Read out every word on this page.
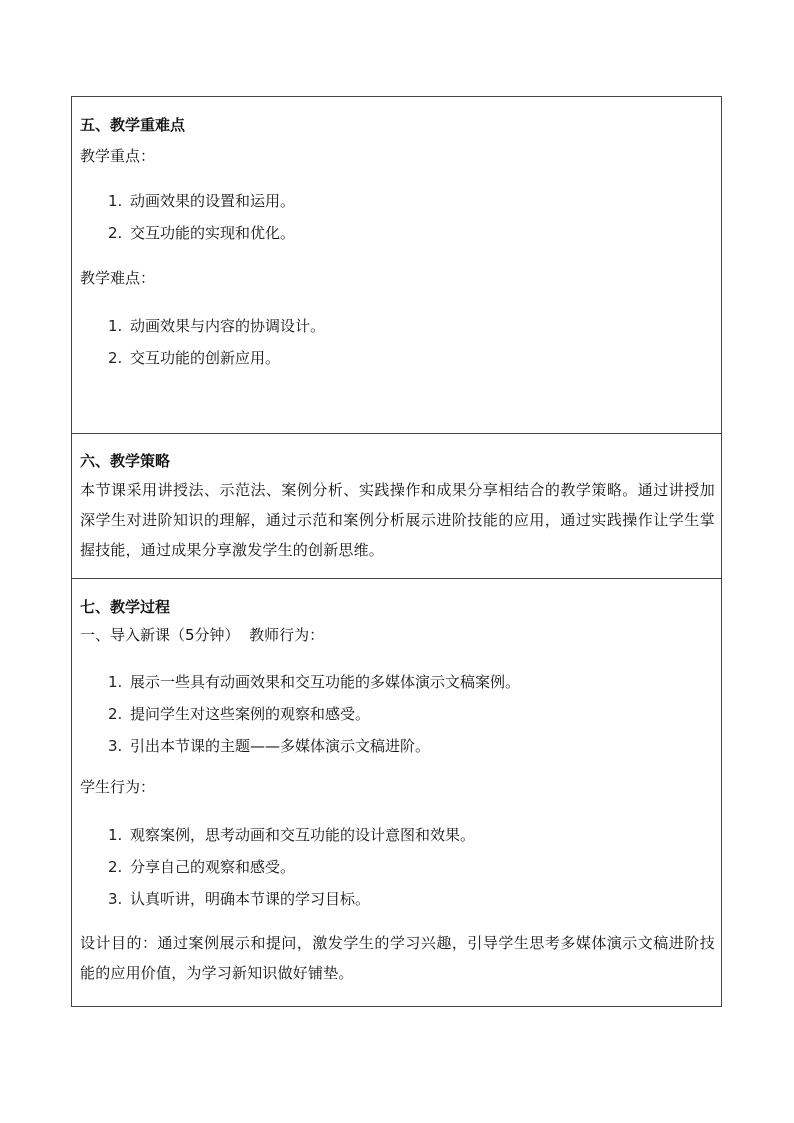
五、教学重难点

教学重点：

1. 动画效果的设置和运用。
2. 交互功能的实现和优化。

教学难点：

1. 动画效果与内容的协调设计。
2. 交互功能的创新应用。

六、教学策略

本节课采用讲授法、示范法、案例分析、实践操作和成果分享相结合的教学策略。通过讲授加深学生对进阶知识的理解，通过示范和案例分析展示进阶技能的应用，通过实践操作让学生掌握技能，通过成果分享激发学生的创新思维。

七、教学过程

一、导入新课（5分钟）  教师行为：

1. 展示一些具有动画效果和交互功能的多媒体演示文稿案例。
2. 提问学生对这些案例的观察和感受。
3. 引出本节课的主题——多媒体演示文稿进阶。

学生行为：

1. 观察案例，思考动画和交互功能的设计意图和效果。
2. 分享自己的观察和感受。
3. 认真听讲，明确本节课的学习目标。

设计目的：通过案例展示和提问，激发学生的学习兴趣，引导学生思考多媒体演示文稿进阶技能的应用价值，为学习新知识做好铺垫。
